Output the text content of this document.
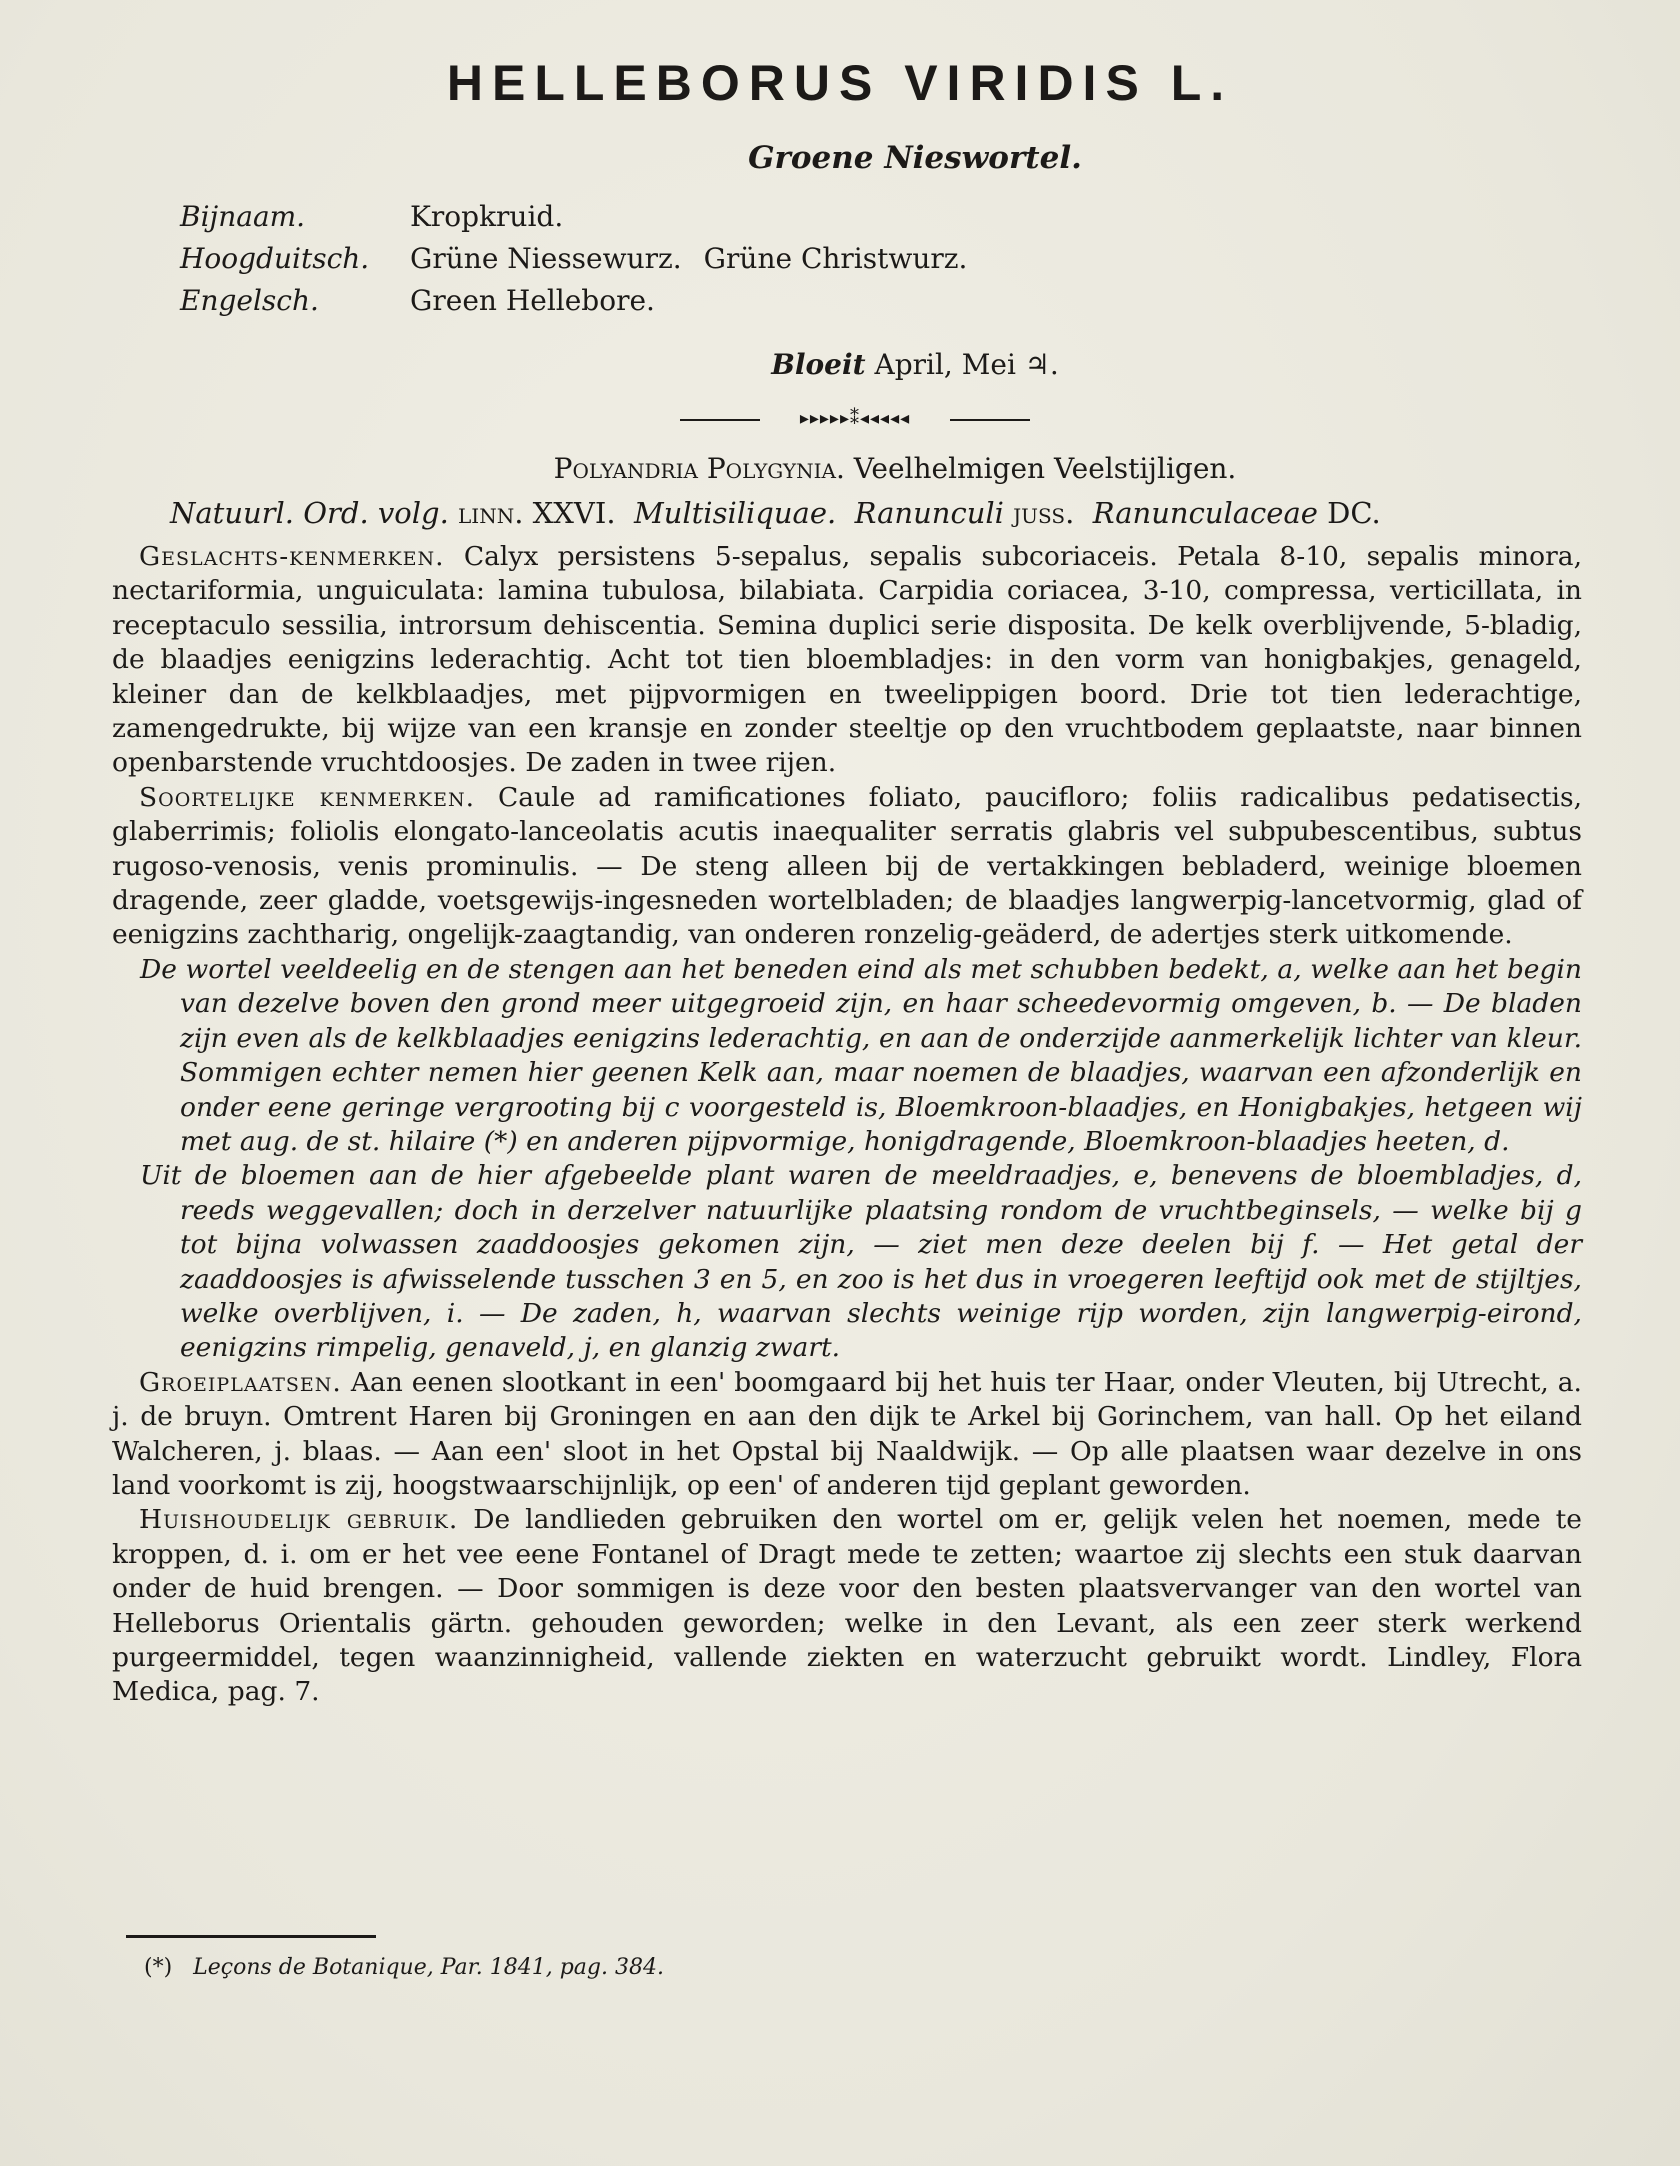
HELLEBORUS VIRIDIS L.
Groene Nieswortel.
Bijnaam.	Kropkruid.
Hoogduitsch. Grüne Niessewurz. Grüne Christwurz.
Engelsch.	Green Hellebore.
Bloeit April, Mei ♃.
▸▸▸▸▸⁑◂◂◂◂◂
Polyandria Polygynia. Veelhelmigen Veelstijligen.
Natuurl. Ord. volg. linn. XXVI. Multisiliquae. Ranunculi juss. Ranunculaceae DC.

Geslachts-kenmerken. Calyx persistens 5-sepalus, sepalis subcoriaceis. Petala 8-10, sepalis minora, nectariformia, unguiculata: lamina tubulosa, bilabiata. Carpidia coriacea, 3-10, compressa, verticillata, in receptaculo sessilia, introrsum dehiscentia. Semina duplici serie disposita. De kelk overblijvende, 5-bladig, de blaadjes eenigzins lederachtig. Acht tot tien bloembladjes: in den vorm van honigbakjes, genageld, kleiner dan de kelkblaadjes, met pijpvormigen en tweelippigen boord. Drie tot tien lederachtige, zamengedrukte, bij wijze van een kransje en zonder steeltje op den vruchtbodem geplaatste, naar binnen openbarstende vruchtdoosjes. De zaden in twee rijen.

Soortelijke kenmerken. Caule ad ramificationes foliato, paucifloro; foliis radicalibus pedatisectis, glaberrimis; foliolis elongato-lanceolatis acutis inaequaliter serratis glabris vel subpubescentibus, subtus rugoso-venosis, venis prominulis. — De steng alleen bij de vertakkingen bebladerd, weinige bloemen dragende, zeer gladde, voetsgewijs-ingesneden wortelbladen; de blaadjes langwerpig-lancetvormig, glad of eenigzins zachtharig, ongelijk-zaagtandig, van onderen ronzelig-geäderd, de adertjes sterk uitkomende.

De wortel veeldeelig en de stengen aan het beneden eind als met schubben bedekt, a, welke aan het begin van dezelve boven den grond meer uitgegroeid zijn, en haar scheedevormig omgeven, b. — De bladen zijn even als de kelkblaadjes eenigzins lederachtig, en aan de onderzijde aanmerkelijk lichter van kleur. Sommigen echter nemen hier geenen Kelk aan, maar noemen de blaadjes, waarvan een afzonderlijk en onder eene geringe vergrooting bij c voorgesteld is, Bloemkroon-blaadjes, en Honigbakjes, hetgeen wij met aug. de st. hilaire (*) en anderen pijpvormige, honigdragende, Bloemkroon-blaadjes heeten, d.

Uit de bloemen aan de hier afgebeelde plant waren de meeldraadjes, e, benevens de bloembladjes, d, reeds weggevallen; doch in derzelver natuurlijke plaatsing rondom de vruchtbeginsels, — welke bij g tot bijna volwassen zaaddoosjes gekomen zijn, — ziet men deze deelen bij f. — Het getal der zaaddoosjes is afwisselende tusschen 3 en 5, en zoo is het dus in vroegeren leeftijd ook met de stijltjes, welke overblijven, i. — De zaden, h, waarvan slechts weinige rijp worden, zijn langwerpig-eirond, eenigzins rimpelig, genaveld, j, en glanzig zwart.

Groeiplaatsen. Aan eenen slootkant in een' boomgaard bij het huis ter Haar, onder Vleuten, bij Utrecht, a. j. de bruyn. Omtrent Haren bij Groningen en aan den dijk te Arkel bij Gorinchem, van hall. Op het eiland Walcheren, j. blaas. — Aan een' sloot in het Opstal bij Naaldwijk. — Op alle plaatsen waar dezelve in ons land voorkomt is zij, hoogstwaarschijnlijk, op een' of anderen tijd geplant geworden.

Huishoudelijk gebruik. De landlieden gebruiken den wortel om er, gelijk velen het noemen, mede te kroppen, d. i. om er het vee eene Fontanel of Dragt mede te zetten; waartoe zij slechts een stuk daarvan onder de huid brengen. — Door sommigen is deze voor den besten plaatsvervanger van den wortel van Helleborus Orientalis gärtn. gehouden geworden; welke in den Levant, als een zeer sterk werkend purgeermiddel, tegen waanzinnigheid, vallende ziekten en waterzucht gebruikt wordt. Lindley, Flora Medica, pag. 7.

(*) Leçons de Botanique, Par. 1841, pag. 384.
